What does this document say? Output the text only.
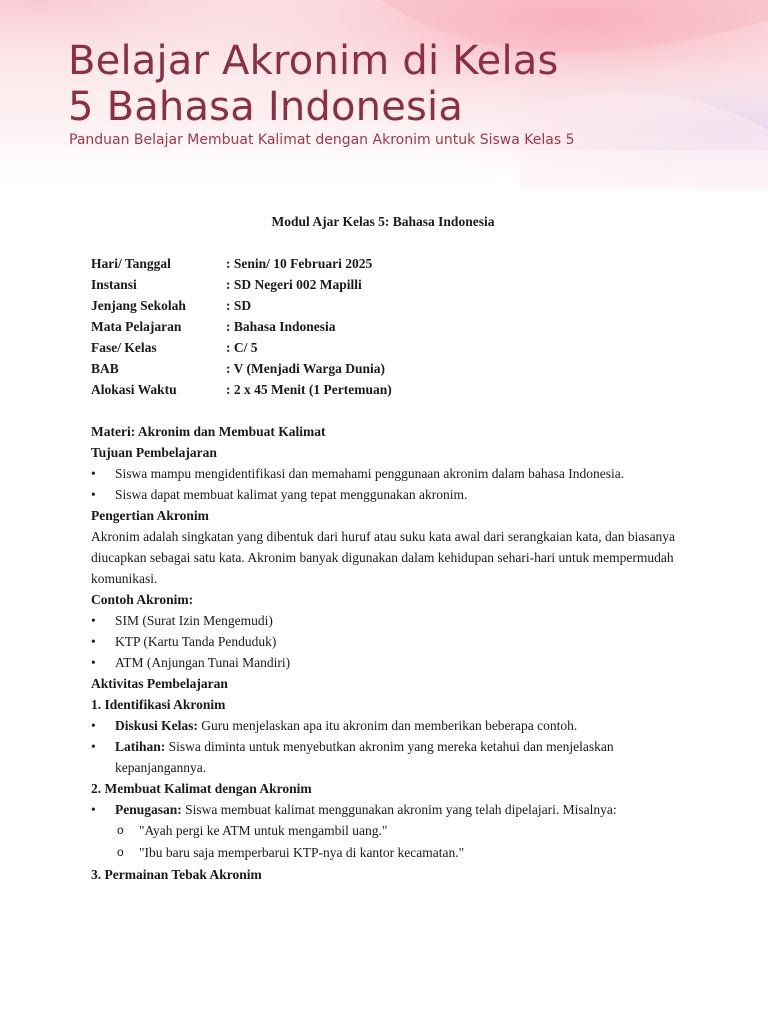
Belajar Akronim di Kelas
5 Bahasa Indonesia
Panduan Belajar Membuat Kalimat dengan Akronim untuk Siswa Kelas 5
Modul Ajar Kelas 5: Bahasa Indonesia
Hari/ Tanggal	: Senin/ 10 Februari 2025
Instansi	: SD Negeri 002 Mapilli
Jenjang Sekolah	: SD
Mata Pelajaran	: Bahasa Indonesia
Fase/ Kelas	: C/ 5
BAB	: V (Menjadi Warga Dunia)
Alokasi Waktu	: 2 x 45 Menit (1 Pertemuan)
Materi: Akronim dan Membuat Kalimat
Tujuan Pembelajaran
•	Siswa mampu mengidentifikasi dan memahami penggunaan akronim dalam bahasa Indonesia.
•	Siswa dapat membuat kalimat yang tepat menggunakan akronim.
Pengertian Akronim

Akronim adalah singkatan yang dibentuk dari huruf atau suku kata awal dari serangkaian kata, dan biasanya diucapkan sebagai satu kata. Akronim banyak digunakan dalam kehidupan sehari-hari untuk mempermudah komunikasi.

Contoh Akronim:
•	SIM (Surat Izin Mengemudi)
•	KTP (Kartu Tanda Penduduk)
•	ATM (Anjungan Tunai Mandiri)
Aktivitas Pembelajaran
1. Identifikasi Akronim
•	Diskusi Kelas: Guru menjelaskan apa itu akronim dan memberikan beberapa contoh.
•	Latihan: Siswa diminta untuk menyebutkan akronim yang mereka ketahui dan menjelaskan kepanjangannya.
2. Membuat Kalimat dengan Akronim
•	Penugasan: Siswa membuat kalimat menggunakan akronim yang telah dipelajari. Misalnya:
o "Ayah pergi ke ATM untuk mengambil uang."
o "Ibu baru saja memperbarui KTP-nya di kantor kecamatan."
3. Permainan Tebak Akronim
